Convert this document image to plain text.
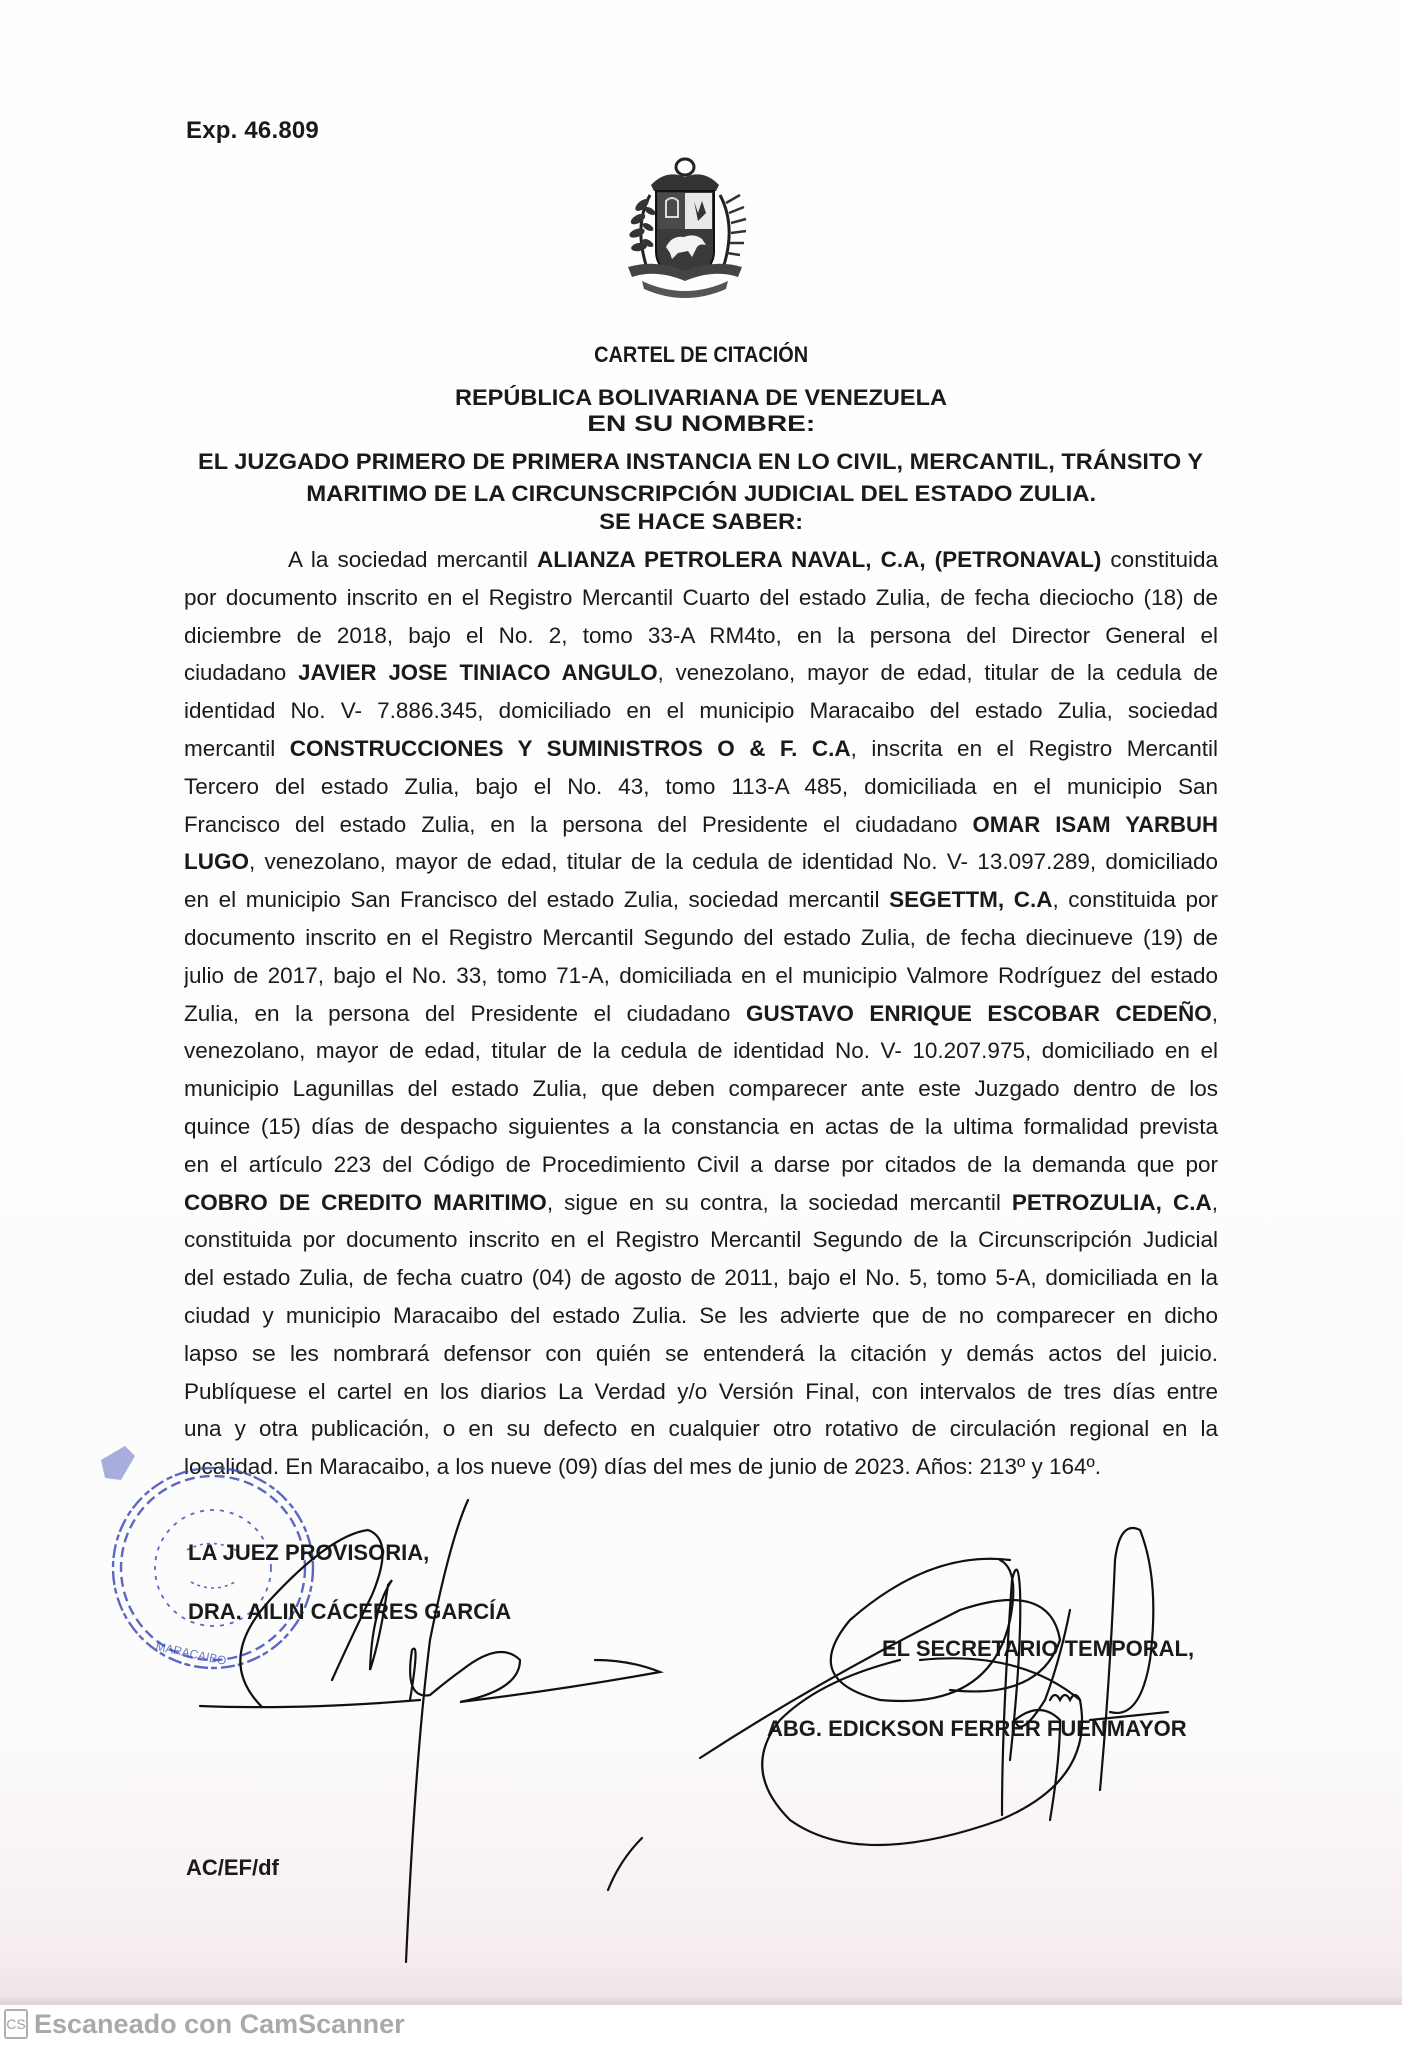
Exp. 46.809
CARTEL DE CITACIÓN
REPÚBLICA BOLIVARIANA DE VENEZUELA
EN SU NOMBRE:
EL JUZGADO PRIMERO DE PRIMERA INSTANCIA EN LO CIVIL, MERCANTIL, TRÁNSITO Y
MARITIMO DE LA CIRCUNSCRIPCIÓN JUDICIAL DEL ESTADO ZULIA.
SE HACE SABER:
A la sociedad mercantil ALIANZA PETROLERA NAVAL, C.A, (PETRONAVAL) constituida
por documento inscrito en el Registro Mercantil Cuarto del estado Zulia, de fecha dieciocho (18) de
diciembre de 2018, bajo el No. 2, tomo 33-A RM4to, en la persona del Director General el
ciudadano JAVIER JOSE TINIACO ANGULO, venezolano, mayor de edad, titular de la cedula de
identidad No. V- 7.886.345, domiciliado en el municipio Maracaibo del estado Zulia, sociedad
mercantil CONSTRUCCIONES Y SUMINISTROS O & F. C.A, inscrita en el Registro Mercantil
Tercero del estado Zulia, bajo el No. 43, tomo 113-A 485, domiciliada en el municipio San
Francisco del estado Zulia, en la persona del Presidente el ciudadano OMAR ISAM YARBUH
LUGO, venezolano, mayor de edad, titular de la cedula de identidad No. V- 13.097.289, domiciliado
en el municipio San Francisco del estado Zulia, sociedad mercantil SEGETTM, C.A, constituida por
documento inscrito en el Registro Mercantil Segundo del estado Zulia, de fecha diecinueve (19) de
julio de 2017, bajo el No. 33, tomo 71-A, domiciliada en el municipio Valmore Rodríguez del estado
Zulia, en la persona del Presidente el ciudadano GUSTAVO ENRIQUE ESCOBAR CEDEÑO,
venezolano, mayor de edad, titular de la cedula de identidad No. V- 10.207.975, domiciliado en el
municipio Lagunillas del estado Zulia, que deben comparecer ante este Juzgado dentro de los
quince (15) días de despacho siguientes a la constancia en actas de la ultima formalidad prevista
en el artículo 223 del Código de Procedimiento Civil a darse por citados de la demanda que por
COBRO DE CREDITO MARITIMO, sigue en su contra, la sociedad mercantil PETROZULIA, C.A,
constituida por documento inscrito en el Registro Mercantil Segundo de la Circunscripción Judicial
del estado Zulia, de fecha cuatro (04) de agosto de 2011, bajo el No. 5, tomo 5-A, domiciliada en la
ciudad y municipio Maracaibo del estado Zulia. Se les advierte que de no comparecer en dicho
lapso se les nombrará defensor con quién se entenderá la citación y demás actos del juicio.
Publíquese el cartel en los diarios La Verdad y/o Versión Final, con intervalos de tres días entre
una y otra publicación, o en su defecto en cualquier otro rotativo de circulación regional en la
localidad. En Maracaibo, a los nueve (09) días del mes de junio de 2023. Años: 213º y 164º.
MARACAIBO
LA JUEZ PROVISORIA,
DRA. AILIN CÁCERES GARCÍA
EL SECRETARIO TEMPORAL,
ABG. EDICKSON FERRER FUENMAYOR
AC/EF/df
CS Escaneado con CamScanner
